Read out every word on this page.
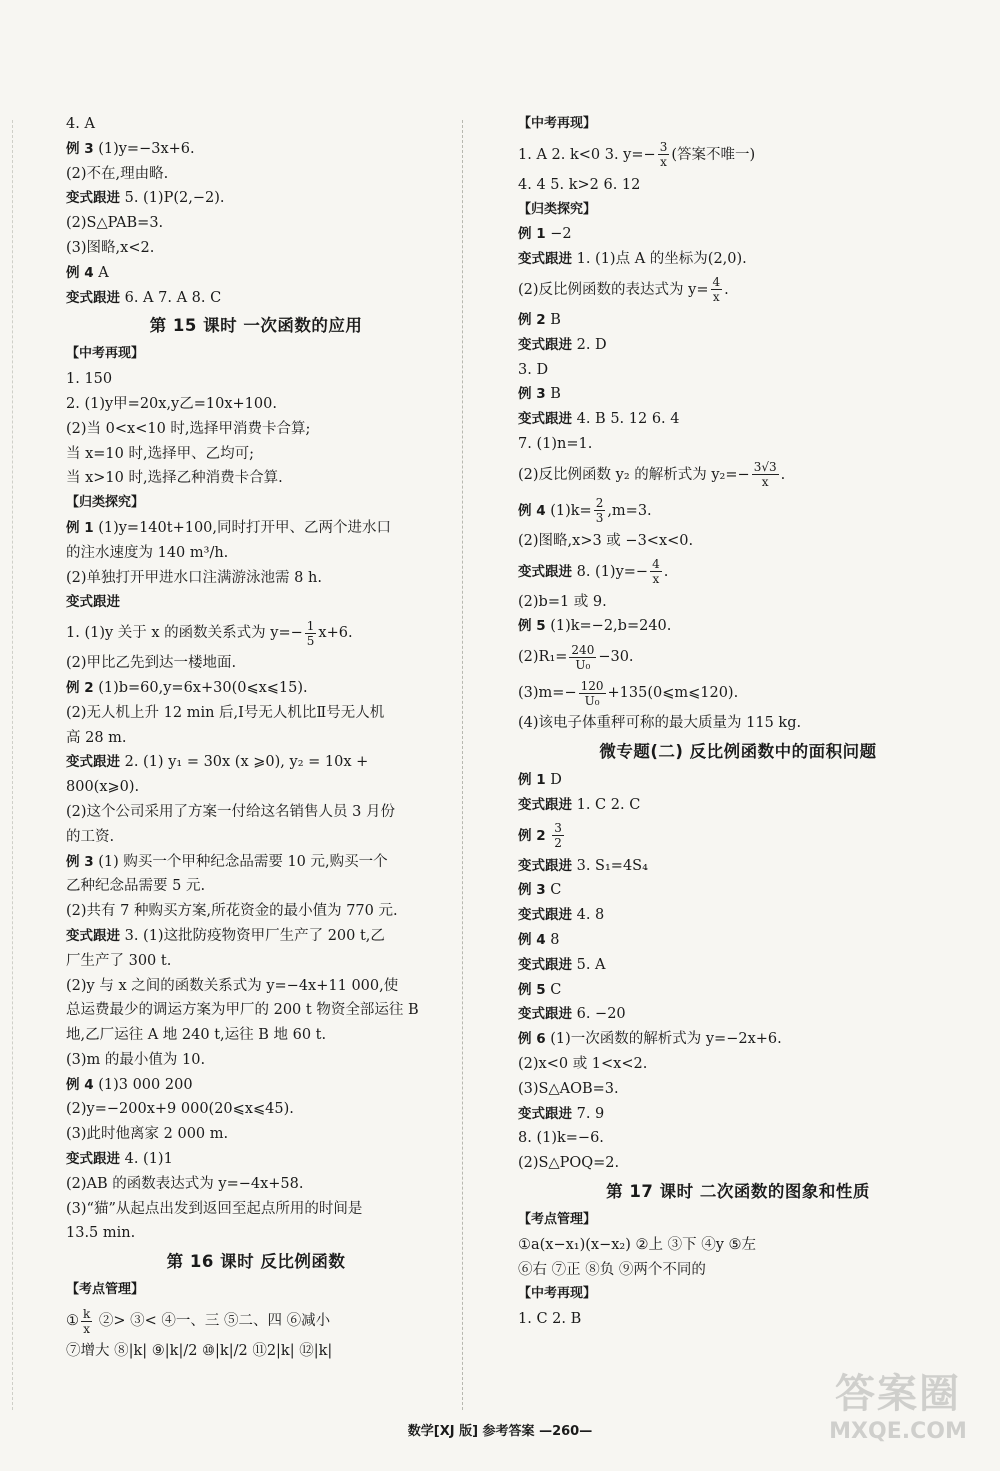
4. A
例 3 (1)y=−3x+6.
(2)不在,理由略.
变式跟进 5. (1)P(2,−2).
(2)S△PAB=3.
(3)图略,x<2.
例 4 A
变式跟进 6. A 7. A 8. C
第 15 课时 一次函数的应用
【中考再现】
1. 150
2. (1)y甲=20x,y乙=10x+100.
(2)当 0<x<10 时,选择甲消费卡合算;
当 x=10 时,选择甲、乙均可;
当 x>10 时,选择乙种消费卡合算.
【归类探究】
例 1 (1)y=140t+100,同时打开甲、乙两个进水口
的注水速度为 140 m³/h.
(2)单独打开甲进水口注满游泳池需 8 h.
变式跟进
1. (1)y 关于 x 的函数关系式为 $y=- \frac{1}{5} x+6$.
(2)甲比乙先到达一楼地面.
例 2 (1)b=60,y=6x+30(0⩽x⩽15).
(2)无人机上升 12 min 后,Ⅰ号无人机比Ⅱ号无人机
高 28 m.
变式跟进 2. (1) y₁ = 30x (x ⩾0), y₂ = 10x +
800(x⩾0).
(2)这个公司采用了方案一付给这名销售人员 3 月份
的工资.
例 3 (1) 购买一个甲种纪念品需要 10 元,购买一个
乙种纪念品需要 5 元.
(2)共有 7 种购买方案,所花资金的最小值为 770 元.
变式跟进 3. (1)这批防疫物资甲厂生产了 200 t,乙
厂生产了 300 t.
(2)y 与 x 之间的函数关系式为 y=−4x+11 000,使
总运费最少的调运方案为甲厂的 200 t 物资全部运往 B
地,乙厂运往 A 地 240 t,运往 B 地 60 t.
(3)m 的最小值为 10.
例 4 (1)3 000 200
(2)y=−200x+9 000(20⩽x⩽45).
(3)此时他离家 2 000 m.
变式跟进 4. (1)1
(2)AB 的函数表达式为 y=−4x+58.
(3)“猫”从起点出发到返回至起点所用的时间是
13.5 min.
第 16 课时 反比例函数
【考点管理】
① $\frac{k}{x}$ ②> ③< ④一、三 ⑤二、四 ⑥减小
⑦增大 ⑧|k| ⑨|k|/2 ⑩|k|/2 ⑪2|k| ⑫|k|
【中考再现】
1. A 2. k<0 3. $y=- \frac{3}{x}$ (答案不唯一)
4. 4 5. k>2 6. 12
【归类探究】
例 1 −2
变式跟进 1. (1)点 A 的坐标为(2,0).
(2)反比例函数的表达式为 $y= \frac{4}{x}$ .
例 2 B
变式跟进 2. D
3. D
例 3 B
变式跟进 4. B 5. 12 6. 4
7. (1)n=1.
(2)反比例函数 y₂ 的解析式为 $y_2=- \frac{3√3}{x}$ .
例 4 $(1)k= \frac{2}{3} ,m=3$.
(2)图略,x>3 或 −3<x<0.
变式跟进 8. $(1)y=- \frac{4}{x}$ .
(2)b=1 或 9.
例 5 (1)k=−2,b=240.
$(2)R_1= \frac{240}{\text{U₀}} -30$.
$(3)m=- \frac{120}{\text{U₀}}$ +135(0⩽m⩽120).
(4)该电子体重秤可称的最大质量为 115 kg.
微专题(二) 反比例函数中的面积问题
例 1 D
变式跟进 1. C 2. C
例 $2 \frac{3}{2}$
变式跟进 3. S₁=4S₄
例 3 C
变式跟进 4. 8
例 4 8
变式跟进 5. A
例 5 C
变式跟进 6. −20
例 6 (1)一次函数的解析式为 y=−2x+6.
(2)x<0 或 1<x<2.
(3)S△AOB=3.
变式跟进 7. 9
8. (1)k=−6.
(2)S△POQ=2.
第 17 课时 二次函数的图象和性质
【考点管理】
①a(x−x₁)(x−x₂) ②上 ③下 ④y ⑤左
⑥右 ⑦正 ⑧负 ⑨两个不同的
【中考再现】
1. C 2. B
数学[XJ 版] 参考答案 —260—
答案圈
MXQE.COM
